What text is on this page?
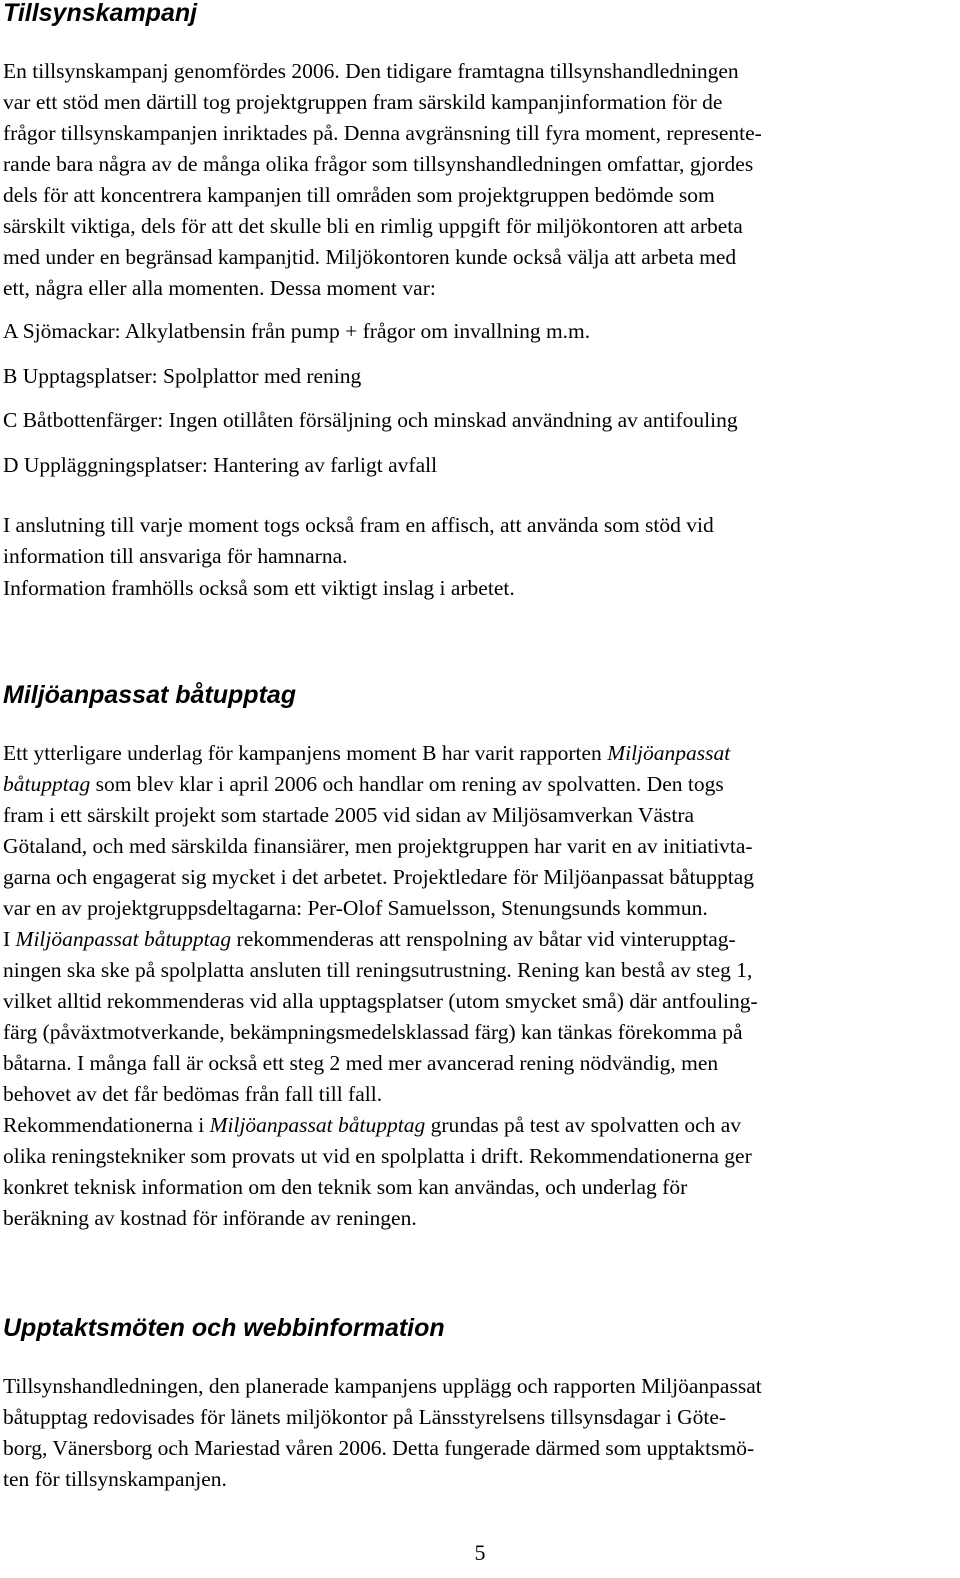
Tillsynskampanj
En tillsynskampanj genomfördes 2006. Den tidigare framtagna tillsynshandledningen
var ett stöd men därtill tog projektgruppen fram särskild kampanjinformation för de
frågor tillsynskampanjen inriktades på. Denna avgränsning till fyra moment, represente-
rande bara några av de många olika frågor som tillsynshandledningen omfattar, gjordes
dels för att koncentrera kampanjen till områden som projektgruppen bedömde som
särskilt viktiga, dels för att det skulle bli en rimlig uppgift för miljökontoren att arbeta
med under en begränsad kampanjtid. Miljökontoren kunde också välja att arbeta med
ett, några eller alla momenten. Dessa moment var:
A Sjömackar: Alkylatbensin från pump + frågor om invallning m.m.
B Upptagsplatser: Spolplattor med rening
C Båtbottenfärger: Ingen otillåten försäljning och minskad användning av antifouling
D Uppläggningsplatser: Hantering av farligt avfall
I anslutning till varje moment togs också fram en affisch, att använda som stöd vid
information till ansvariga för hamnarna.
Information framhölls också som ett viktigt inslag i arbetet.
Miljöanpassat båtupptag
Ett ytterligare underlag för kampanjens moment B har varit rapporten Miljöanpassat
båtupptag som blev klar i april 2006 och handlar om rening av spolvatten. Den togs
fram i ett särskilt projekt som startade 2005 vid sidan av Miljösamverkan Västra
Götaland, och med särskilda finansiärer, men projektgruppen har varit en av initiativta-
garna och engagerat sig mycket i det arbetet. Projektledare för Miljöanpassat båtupptag
var en av projektgruppsdeltagarna: Per-Olof Samuelsson, Stenungsunds kommun.
I Miljöanpassat båtupptag rekommenderas att renspolning av båtar vid vinterupptag-
ningen ska ske på spolplatta ansluten till reningsutrustning. Rening kan bestå av steg 1,
vilket alltid rekommenderas vid alla upptagsplatser (utom smycket små) där antfouling-
färg (påväxtmotverkande, bekämpningsmedelsklassad färg) kan tänkas förekomma på
båtarna. I många fall är också ett steg 2 med mer avancerad rening nödvändig, men
behovet av det får bedömas från fall till fall.
Rekommendationerna i Miljöanpassat båtupptag grundas på test av spolvatten och av
olika reningstekniker som provats ut vid en spolplatta i drift. Rekommendationerna ger
konkret teknisk information om den teknik som kan användas, och underlag för
beräkning av kostnad för införande av reningen.
Upptaktsmöten och webbinformation
Tillsynshandledningen, den planerade kampanjens upplägg och rapporten Miljöanpassat
båtupptag redovisades för länets miljökontor på Länsstyrelsens tillsynsdagar i Göte-
borg, Vänersborg och Mariestad våren 2006. Detta fungerade därmed som upptaktsmö-
ten för tillsynskampanjen.
5
